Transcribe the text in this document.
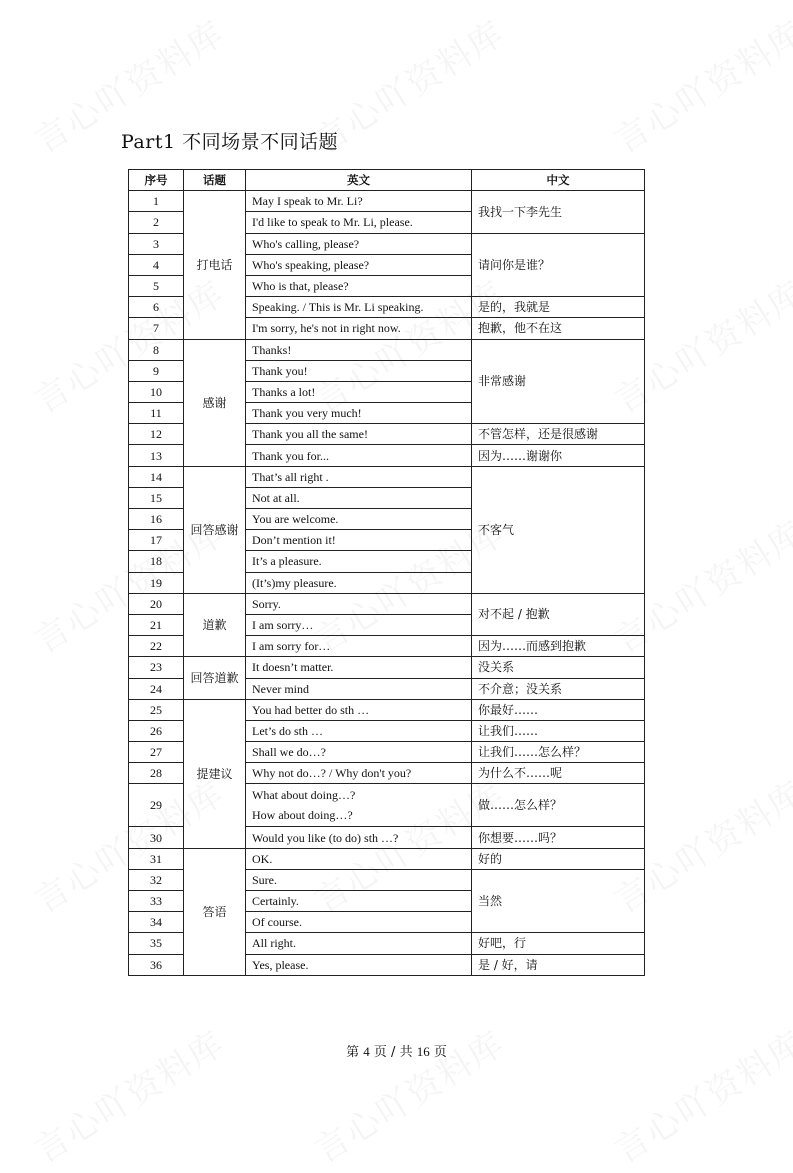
Part1 不同场景不同话题
序号	话题	英文	中文
1	打电话	May I speak to Mr. Li?	我找一下李先生
2		I'd like to speak to Mr. Li, please.	

3		Who's calling, please?	请问你是谁？
4		Who's speaking, please?	

5		Who is that, please?	

6		Speaking. / This is Mr. Li speaking.	是的，我就是
7		I'm sorry, he's not in right now.	抱歉，他不在这
8	感谢	Thanks!	非常感谢
9		Thank you!	

10		Thanks a lot!	

11		Thank you very much!	

12		Thank you all the same!	不管怎样，还是很感谢
13		Thank you for...	因为……谢谢你
14	回答感谢	That’s all right .	不客气
15		Not at all.	

16		You are welcome.	

17		Don’t mention it!	

18		It’s a pleasure.	

19		(It’s)my pleasure.	

20	道歉	Sorry.	对不起 / 抱歉
21		I am sorry…	

22		I am sorry for…	因为……而感到抱歉
23	回答道歉	It doesn’t matter.	没关系
24		Never mind	不介意；没关系
25	提建议	You had better do sth …	你最好……
26		Let’s do sth …	让我们……
27		Shall we do…?	让我们……怎么样？
28		Why not do…? / Why don't you?	为什么不……呢
29		What about doing…?
How about doing…?	做……怎么样？
30		Would you like (to do) sth …?	你想要……吗？
31	答语	OK.	好的
32		Sure.	当然
33		Certainly.	

34		Of course.	

35		All right.	好吧，行
36		Yes, please.	是 / 好，请
第 4 页 / 共 16 页
